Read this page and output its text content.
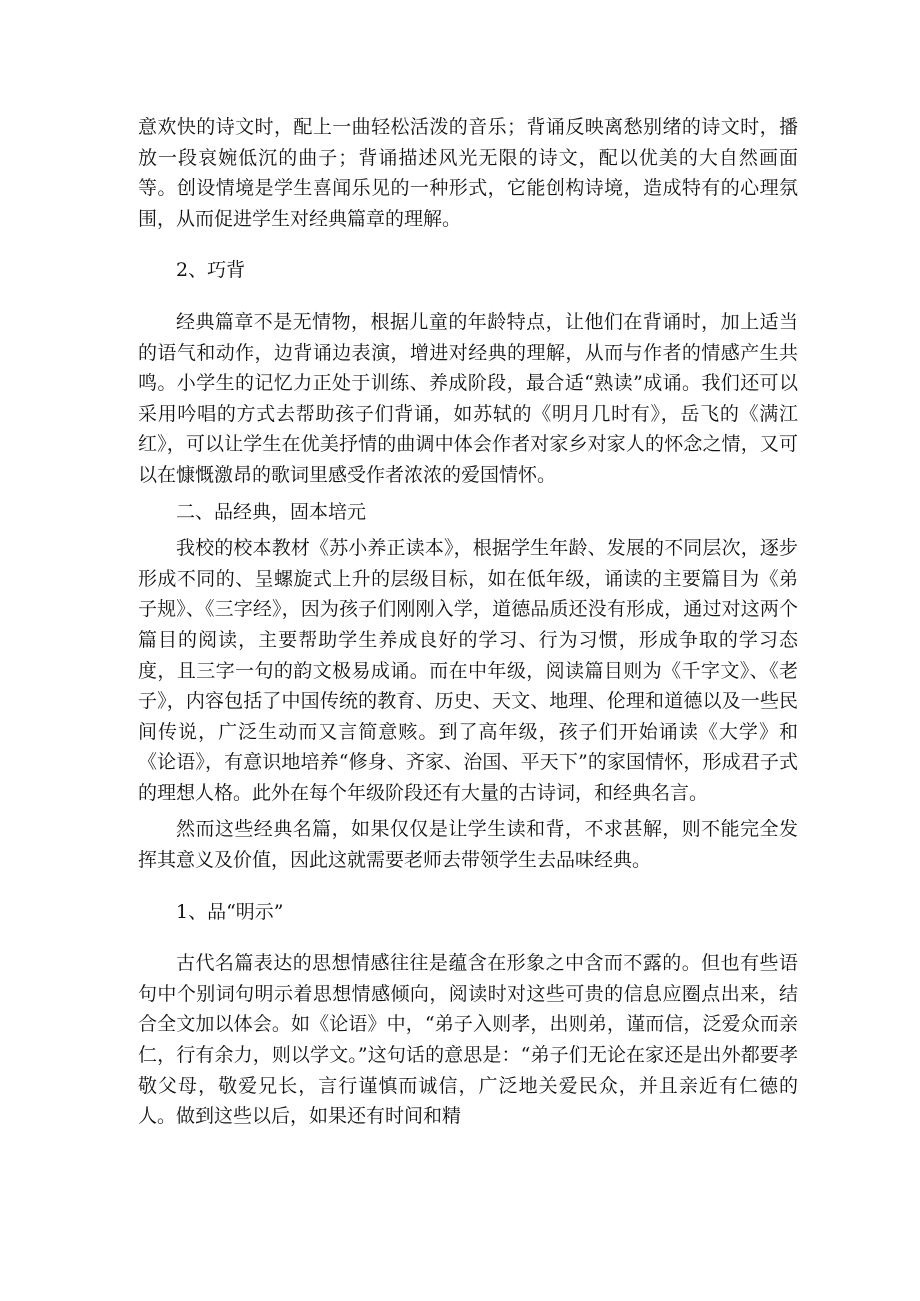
意欢快的诗文时，配上一曲轻松活泼的音乐；背诵反映离愁别绪的诗文时，播放一段哀婉低沉的曲子；背诵描述风光无限的诗文，配以优美的大自然画面等。创设情境是学生喜闻乐见的一种形式，它能创构诗境，造成特有的心理氛围，从而促进学生对经典篇章的理解。

2、巧背

经典篇章不是无情物，根据儿童的年龄特点，让他们在背诵时，加上适当的语气和动作，边背诵边表演，增进对经典的理解，从而与作者的情感产生共鸣。小学生的记忆力正处于训练、养成阶段，最合适“熟读”成诵。我们还可以采用吟唱的方式去帮助孩子们背诵，如苏轼的《明月几时有》，岳飞的《满江红》，可以让学生在优美抒情的曲调中体会作者对家乡对家人的怀念之情，又可以在慷慨激昂的歌词里感受作者浓浓的爱国情怀。

二、品经典，固本培元

我校的校本教材《苏小养正读本》，根据学生年龄、发展的不同层次，逐步形成不同的、呈螺旋式上升的层级目标，如在低年级，诵读的主要篇目为《弟子规》、《三字经》，因为孩子们刚刚入学，道德品质还没有形成，通过对这两个篇目的阅读，主要帮助学生养成良好的学习、行为习惯，形成争取的学习态度，且三字一句的韵文极易成诵。而在中年级，阅读篇目则为《千字文》、《老子》，内容包括了中国传统的教育、历史、天文、地理、伦理和道德以及一些民间传说，广泛生动而又言简意赅。到了高年级，孩子们开始诵读《大学》和《论语》，有意识地培养“修身、齐家、治国、平天下”的家国情怀，形成君子式的理想人格。此外在每个年级阶段还有大量的古诗词，和经典名言。

然而这些经典名篇，如果仅仅是让学生读和背，不求甚解，则不能完全发挥其意义及价值，因此这就需要老师去带领学生去品味经典。

1、品“明示”

古代名篇表达的思想情感往往是蕴含在形象之中含而不露的。但也有些语句中个别词句明示着思想情感倾向，阅读时对这些可贵的信息应圈点出来，结合全文加以体会。如《论语》中，“弟子入则孝，出则弟，谨而信，泛爱众而亲仁，行有余力，则以学文。”这句话的意思是：“弟子们无论在家还是出外都要孝敬父母，敬爱兄长，言行谨慎而诚信，广泛地关爱民众，并且亲近有仁德的人。做到这些以后，如果还有时间和精
